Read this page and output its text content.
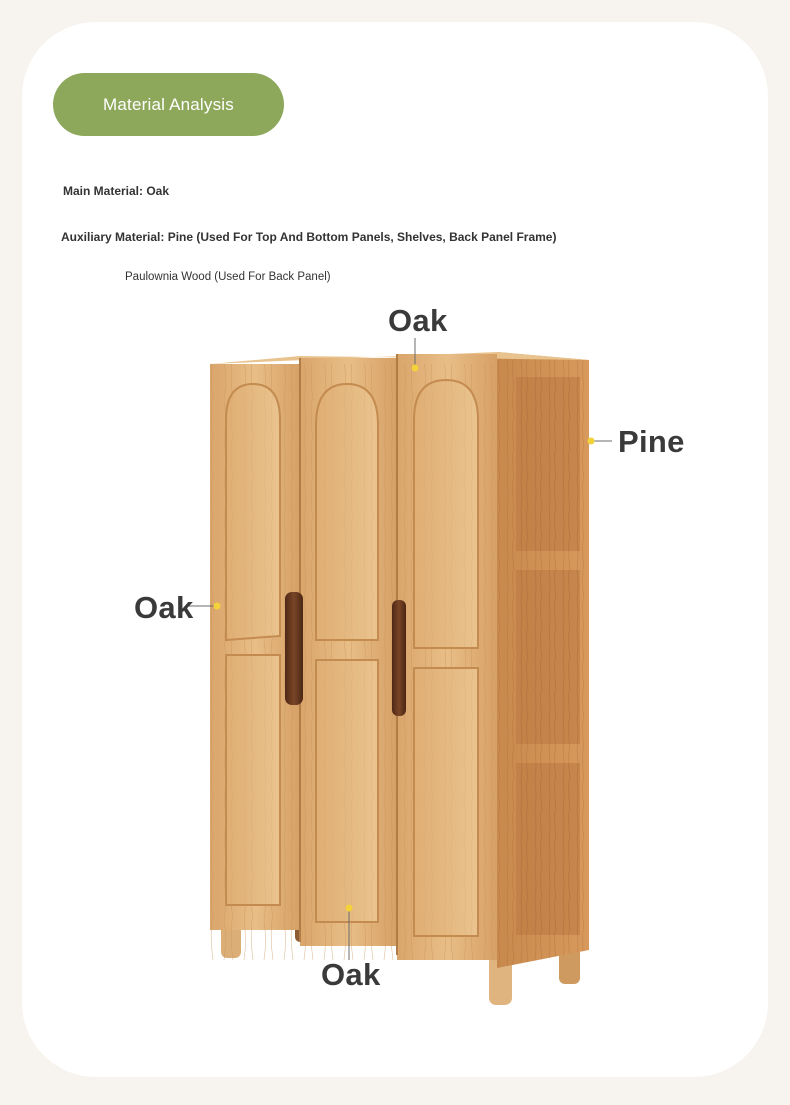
Material Analysis
Main Material: Oak
Auxiliary Material: Pine (Used For Top And Bottom Panels, Shelves, Back Panel Frame)
Paulownia Wood (Used For Back Panel)
Oak
Pine
Oak
Oak
